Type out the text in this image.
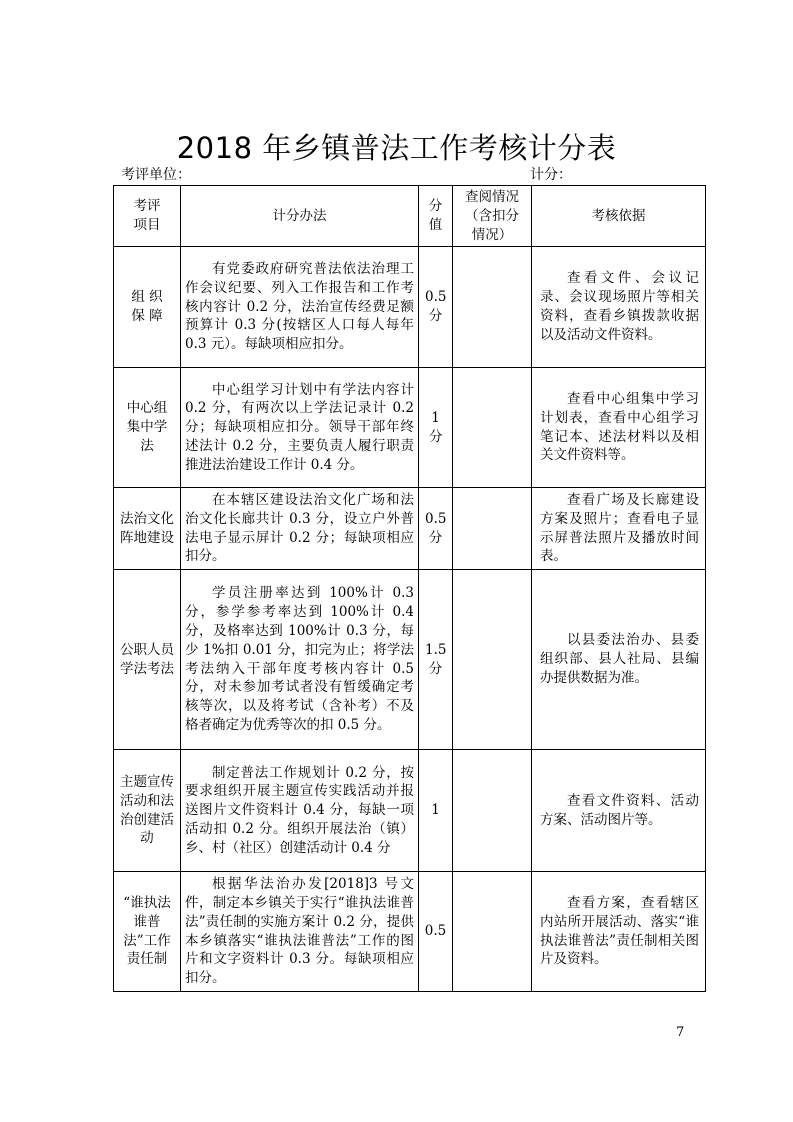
2018 年乡镇普法工作考核计分表
考评单位：	计分：
考评项目	计分办法	分值	查阅情况（含扣分情况）	考核依据
组 织保 障	有党委政府研究普法依法治理工作会议纪要、列入工作报告和工作考核内容计 0.2 分，法治宣传经费足额预算计 0.3 分(按辖区人口每人每年 0.3 元）。每缺项相应扣分。	0.5分		查看文件、会议记录、会议现场照片等相关资料，查看乡镇拨款收据以及活动文件资料。

中心组集中学法	中心组学习计划中有学法内容计 0.2 分，有两次以上学法记录计 0.2 分；每缺项相应扣分。领导干部年终述法计 0.2 分，主要负责人履行职责推进法治建设工作计 0.4 分。	1分		查看中心组集中学习计划表，查看中心组学习笔记本、述法材料以及相关文件资料等。

法治文化阵地建设	在本辖区建设法治文化广场和法治文化长廊共计 0.3 分，设立户外普法电子显示屏计 0.2 分；每缺项相应扣分。	0.5分		查看广场及长廊建设方案及照片；查看电子显示屏普法照片及播放时间表。

公职人员学法考法	学员注册率达到 100%计 0.3 分，参学参考率达到 100%计 0.4 分，及格率达到 100%计 0.3 分，每少 1%扣 0.01 分，扣完为止；将学法考法纳入干部年度考核内容计 0.5 分，对未参加考试者没有暂缓确定考核等次，以及将考试（含补考）不及格者确定为优秀等次的扣 0.5 分。	1.5分		以县委法治办、县委组织部、县人社局、县编办提供数据为准。

主题宣传活动和法治创建活动	制定普法工作规划计 0.2 分，按要求组织开展主题宣传实践活动并报送图片文件资料计 0.4 分，每缺一项活动扣 0.2 分。组织开展法治（镇）乡、村（社区）创建活动计 0.4 分	1		查看文件资料、活动方案、活动图片等。

“谁执法谁普法”工作责任制	根据华法治办发[2018]3 号文件，制定本乡镇关于实行“谁执法谁普法”责任制的实施方案计 0.2 分，提供本乡镇落实“谁执法谁普法”工作的图片和文字资料计 0.3 分。每缺项相应扣分。	0.5		查看方案，查看辖区内站所开展活动、落实“谁执法谁普法”责任制相关图片及资料。
7
